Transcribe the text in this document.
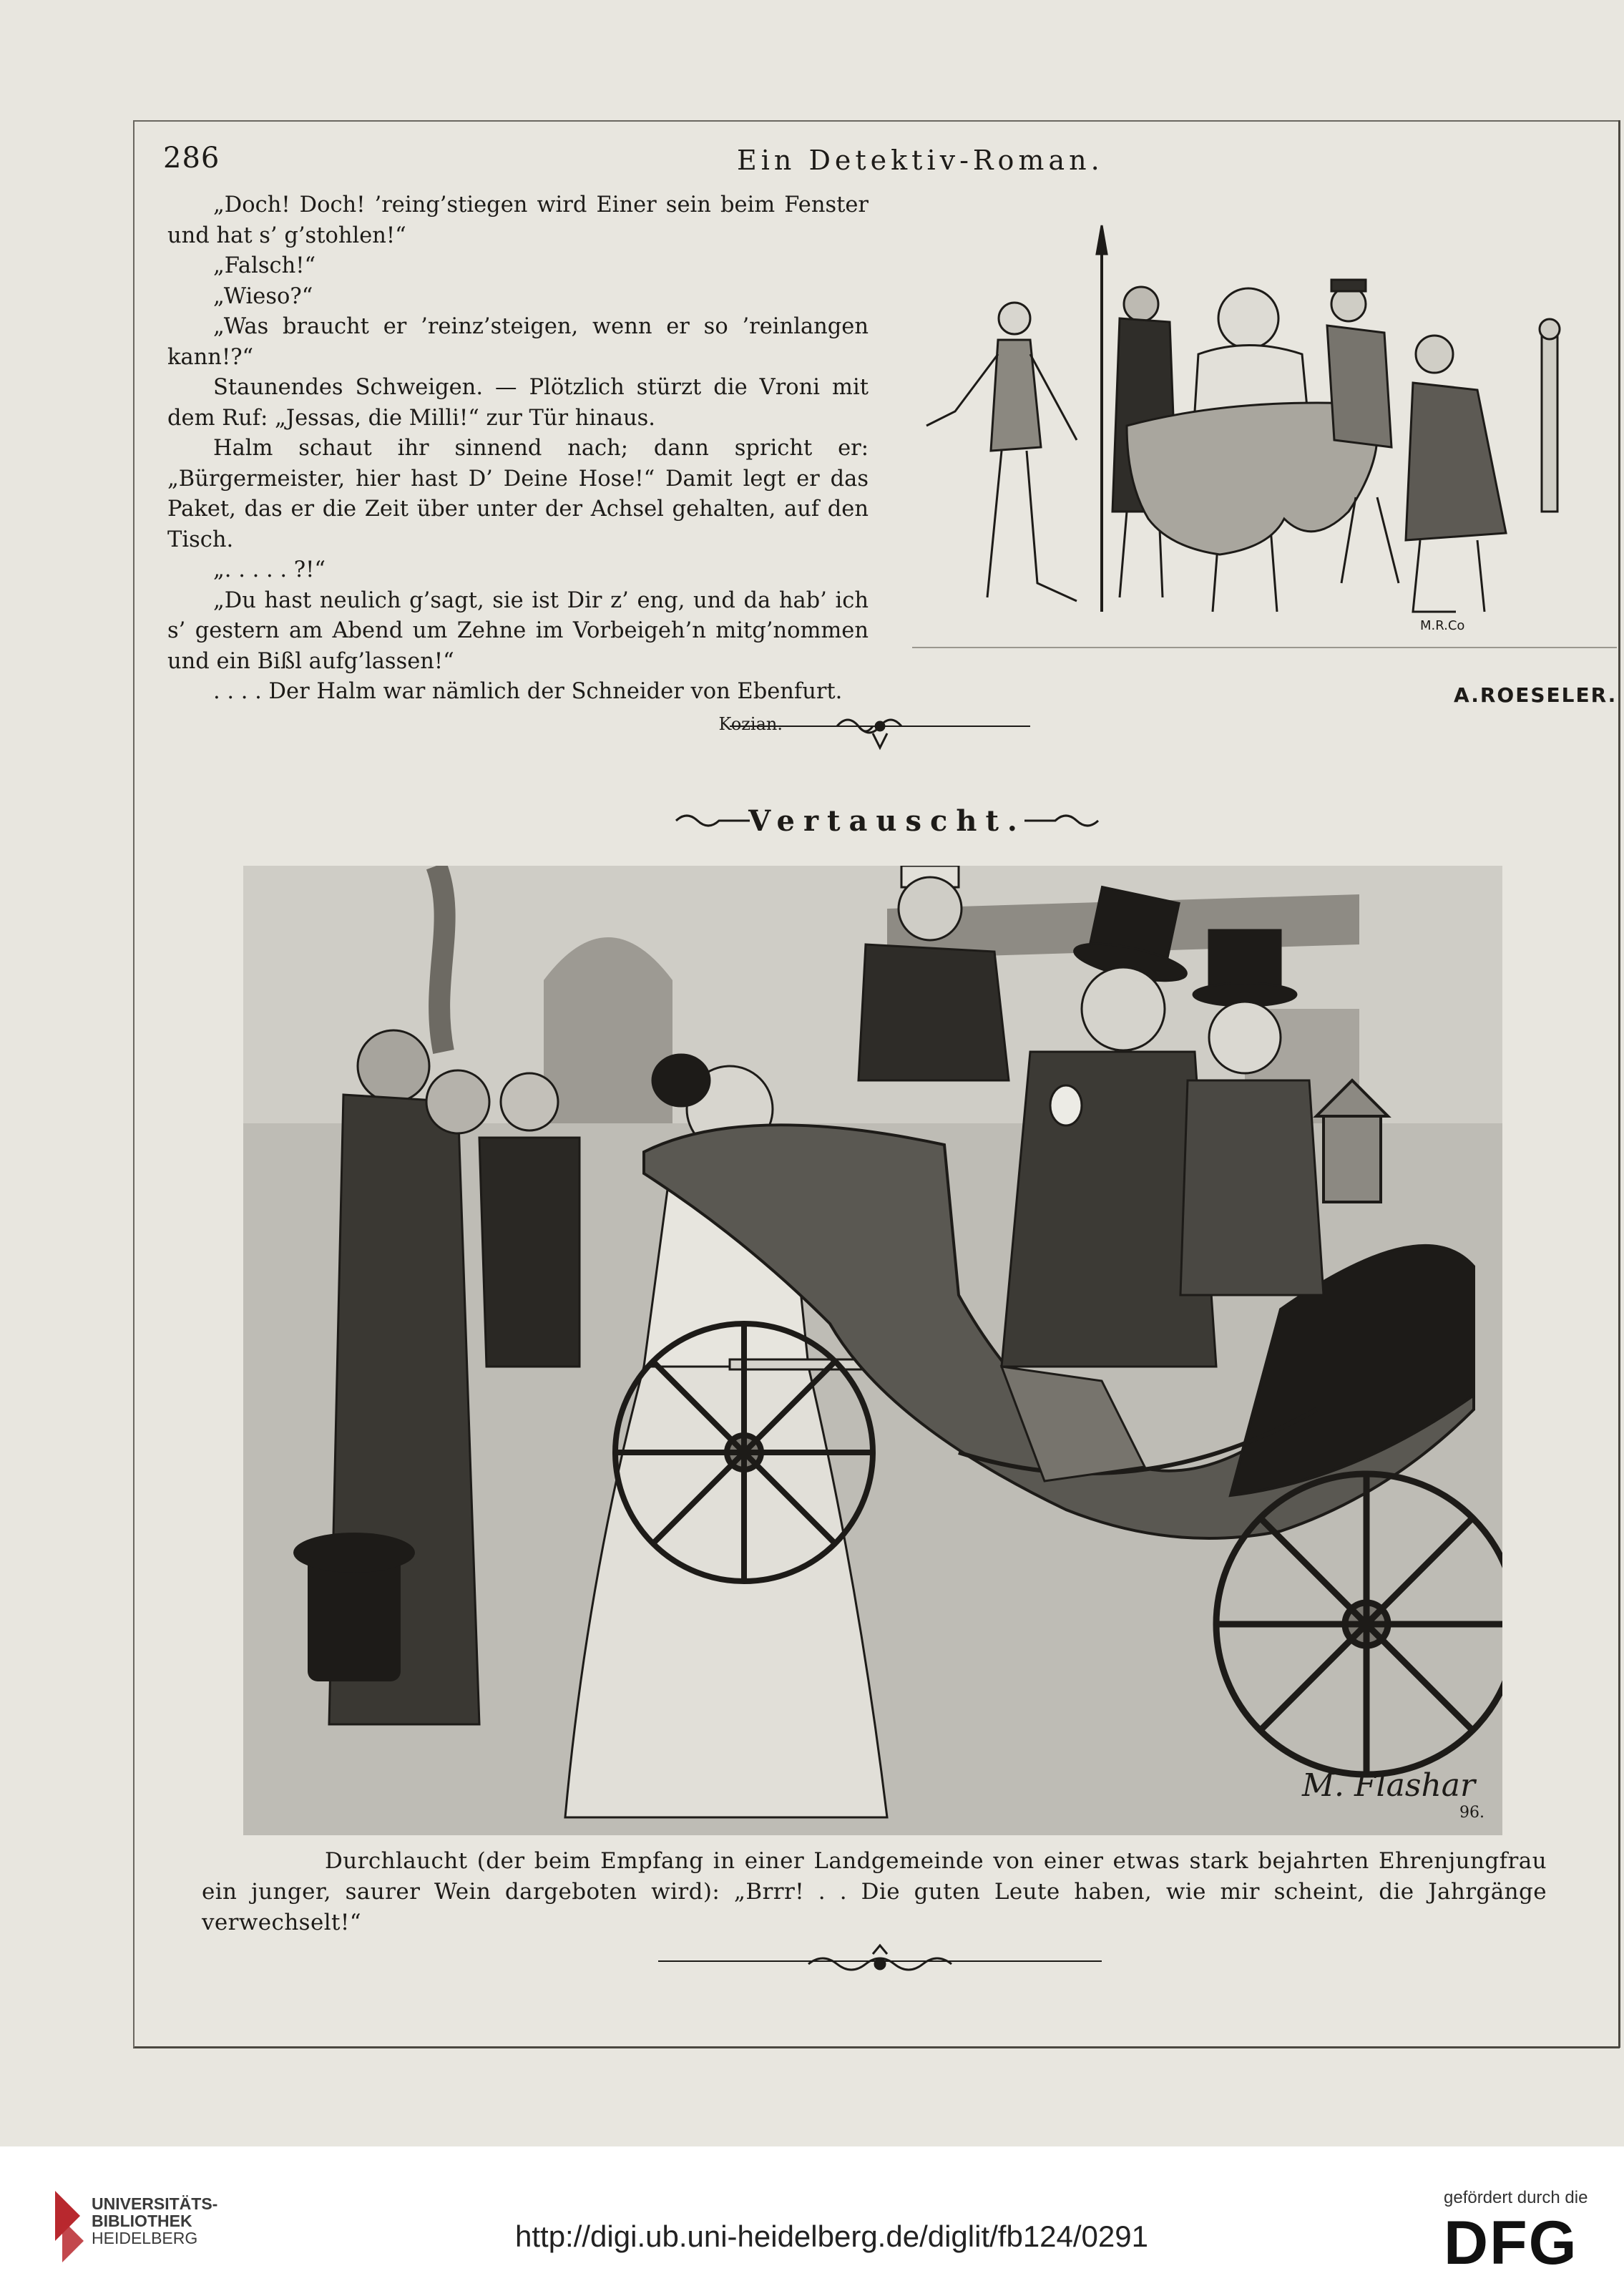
286	Ein Detektiv-Roman.

„Doch! Doch! ’reing’stiegen wird Einer sein beim Fenster und hat s’ g’stohlen!“

„Falsch!“

„Wieso?“

„Was braucht er ’reinz’steigen, wenn er so ’reinlangen kann!?“

Staunendes Schweigen. — Plötzlich stürzt die Vroni mit dem Ruf: „Jessas, die Milli!“ zur Tür hinaus.

Halm schaut ihr sinnend nach; dann spricht er: „Bürgermeister, hier hast D’ Deine Hose!“ Damit legt er das Paket, das er die Zeit über unter der Achsel gehalten, auf den Tisch.

„. . . . . ?!“

„Du hast neulich g’sagt, sie ist Dir z’ eng, und da hab’ ich s’ gestern am Abend um Zehne im Vorbeigeh’n mitg’nommen und ein Bißl aufg’lassen!“

. . . . Der Halm war nämlich der Schneider von Ebenfurt.

Kozian.
M.R.Co
A.ROESELER.
Vertauscht.
M. Flashar
96.
Durchlaucht (der beim Empfang in einer Landgemeinde von einer etwas stark bejahrten Ehrenjungfrau ein junger, saurer Wein dargeboten wird): „Brrr! . . Die guten Leute haben, wie mir scheint, die Jahrgänge verwechselt!“
UNIVERSITÄTS-
BIBLIOTHEK
HEIDELBERG	http://digi.ub.uni-heidelberg.de/diglit/fb124/0291
gefördert durch die
DFG
